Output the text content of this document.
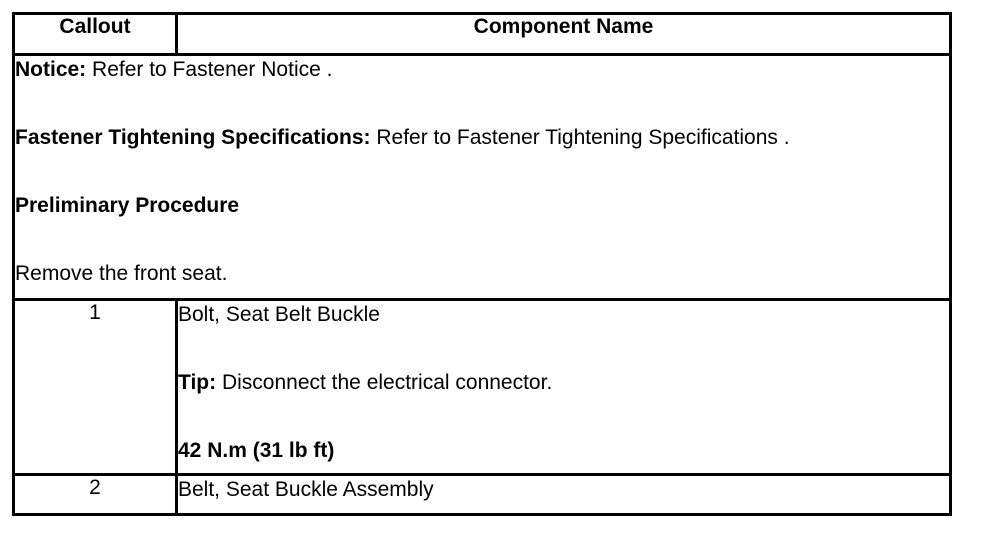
Callout	Component Name

Notice: Refer to Fastener Notice .
Fastener Tightening Specifications: Refer to Fastener Tightening Specifications .
Preliminary Procedure
Remove the front seat.	

1	Bolt, Seat Belt Buckle
Tip: Disconnect the electrical connector.
42 N.m (31 lb ft)

2	Belt, Seat Buckle Assembly
